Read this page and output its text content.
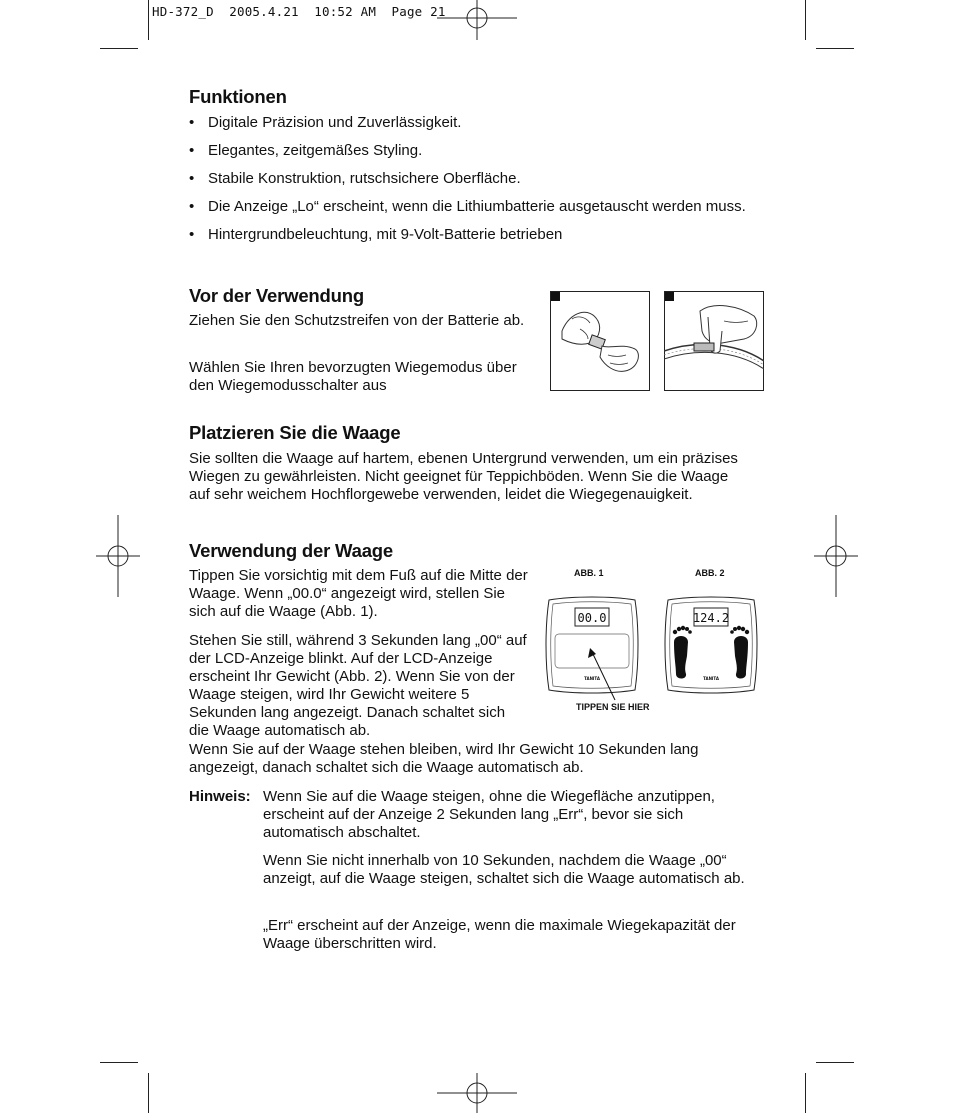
HD-372_D  2005.4.21  10:52 AM  Page 21
Funktionen
• Digitale Präzision und Zuverlässigkeit.
• Elegantes, zeitgemäßes Styling.
• Stabile Konstruktion, rutschsichere Oberfläche.
• Die Anzeige „Lo“ erscheint, wenn die Lithiumbatterie ausgetauscht werden muss.
• Hintergrundbeleuchtung, mit 9-Volt-Batterie betrieben
Vor der Verwendung

Ziehen Sie den Schutzstreifen von der Batterie ab.

Wählen Sie Ihren bevorzugten Wiegemodus über den Wiegemodusschalter aus

Platzieren Sie die Waage

Sie sollten die Waage auf hartem, ebenen Untergrund verwenden, um ein präzises Wiegen zu gewährleisten. Nicht geeignet für Teppichböden. Wenn Sie die Waage auf sehr weichem Hochflorgewebe verwenden, leidet die Wiegegenauigkeit.

Verwendung der Waage

Tippen Sie vorsichtig mit dem Fuß auf die Mitte der Waage. Wenn „00.0“ angezeigt wird, stellen Sie sich auf die Waage (Abb. 1).

Stehen Sie still, während 3 Sekunden lang „00“ auf der LCD-Anzeige blinkt. Auf der LCD-Anzeige erscheint Ihr Gewicht (Abb. 2). Wenn Sie von der Waage steigen, wird Ihr Gewicht weitere 5 Sekunden lang angezeigt. Danach schaltet sich die Waage automatisch ab.

Wenn Sie auf der Waage stehen bleiben, wird Ihr Gewicht 10 Sekunden lang angezeigt, danach schaltet sich die Waage automatisch ab.

ABB. 1	ABB. 2
00.0
TANITA
124.2
TANITA
TIPPEN SIE HIER
Hinweis: Wenn Sie auf die Waage steigen, ohne die Wiegefläche anzutippen, erscheint auf der Anzeige 2 Sekunden lang „Err“, bevor sie sich automatisch abschaltet.

Wenn Sie nicht innerhalb von 10 Sekunden, nachdem die Waage „00“ anzeigt, auf die Waage steigen, schaltet sich die Waage automatisch ab.

„Err“ erscheint auf der Anzeige, wenn die maximale Wiegekapazität der Waage überschritten wird.
